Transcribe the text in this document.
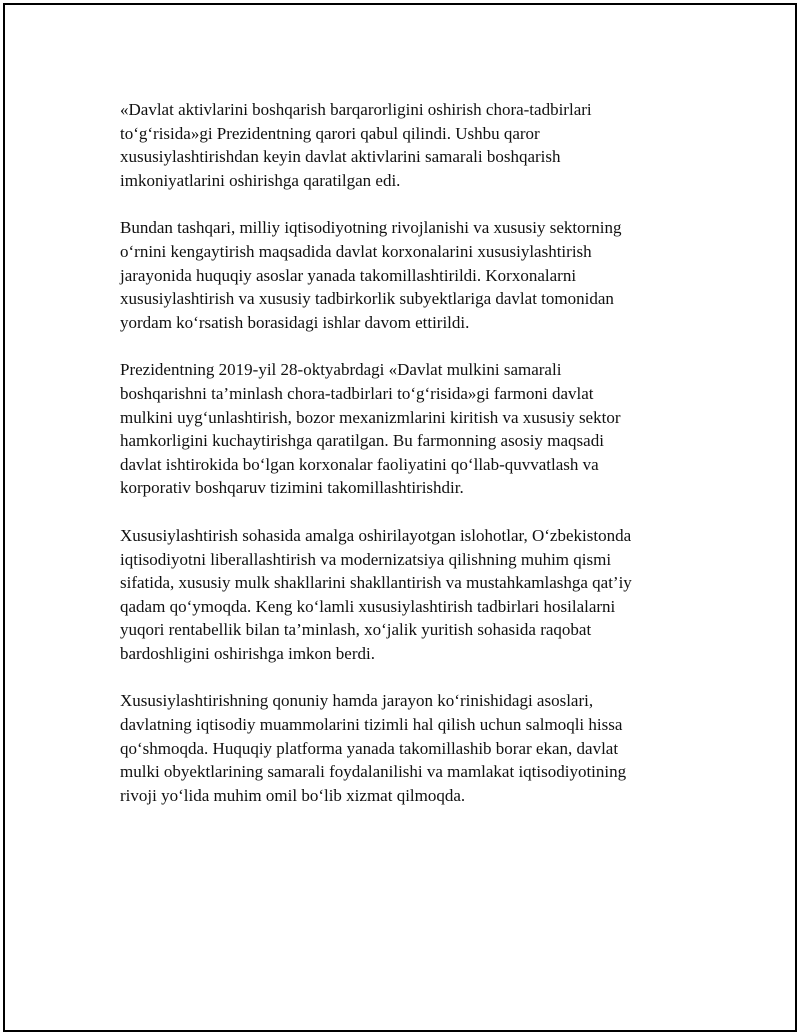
«Davlat aktivlarini boshqarish barqarorligini oshirish chora-tadbirlari
to‘g‘risida»gi Prezidentning qarori qabul qilindi. Ushbu qaror
xususiylashtirishdan keyin davlat aktivlarini samarali boshqarish
imkoniyatlarini oshirishga qaratilgan edi.

Bundan tashqari, milliy iqtisodiyotning rivojlanishi va xususiy sektorning
o‘rnini kengaytirish maqsadida davlat korxonalarini xususiylashtirish
jarayonida huquqiy asoslar yanada takomillashtirildi. Korxonalarni
xususiylashtirish va xususiy tadbirkorlik subyektlariga davlat tomonidan
yordam ko‘rsatish borasidagi ishlar davom ettirildi.

Prezidentning 2019-yil 28-oktyabrdagi «Davlat mulkini samarali
boshqarishni ta’minlash chora-tadbirlari to‘g‘risida»gi farmoni davlat
mulkini uyg‘unlashtirish, bozor mexanizmlarini kiritish va xususiy sektor
hamkorligini kuchaytirishga qaratilgan. Bu farmonning asosiy maqsadi
davlat ishtirokida bo‘lgan korxonalar faoliyatini qo‘llab-quvvatlash va
korporativ boshqaruv tizimini takomillashtirishdir.

Xususiylashtirish sohasida amalga oshirilayotgan islohotlar, O‘zbekistonda
iqtisodiyotni liberallashtirish va modernizatsiya qilishning muhim qismi
sifatida, xususiy mulk shakllarini shakllantirish va mustahkamlashga qat’iy
qadam qo‘ymoqda. Keng ko‘lamli xususiylashtirish tadbirlari hosilalarni
yuqori rentabellik bilan ta’minlash, xo‘jalik yuritish sohasida raqobat
bardoshligini oshirishga imkon berdi.

Xususiylashtirishning qonuniy hamda jarayon ko‘rinishidagi asoslari,
davlatning iqtisodiy muammolarini tizimli hal qilish uchun salmoqli hissa
qo‘shmoqda. Huquqiy platforma yanada takomillashib borar ekan, davlat
mulki obyektlarining samarali foydalanilishi va mamlakat iqtisodiyotining
rivoji yo‘lida muhim omil bo‘lib xizmat qilmoqda.
